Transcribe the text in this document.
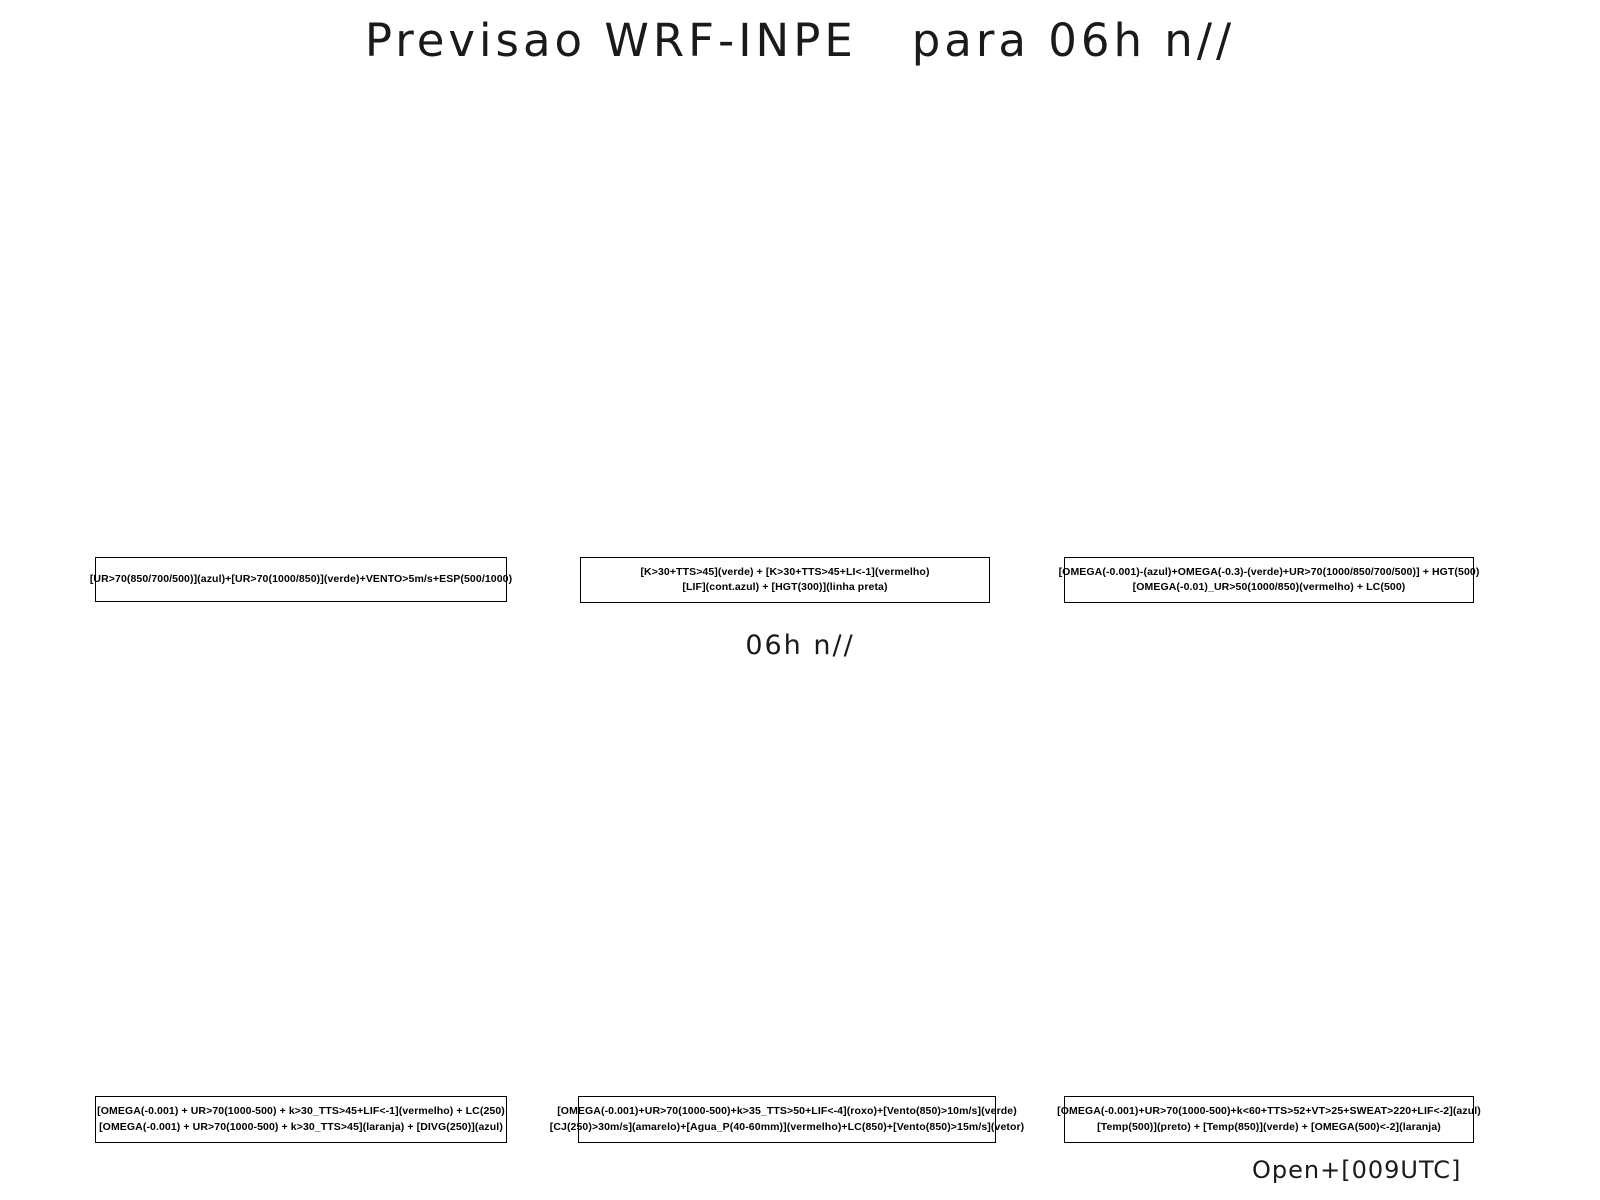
Previsao WRF-INPE   para 06h n//
[UR>70(850/700/500)](azul)+[UR>70(1000/850)](verde)+VENTO>5m/s+ESP(500/1000)
[K>30+TTS>45](verde) + [K>30+TTS>45+LI<-1](vermelho)
[LIF](cont.azul) + [HGT(300)](linha preta)
[OMEGA(-0.001)-(azul)+OMEGA(-0.3)-(verde)+UR>70(1000/850/700/500)] + HGT(500)
[OMEGA(-0.01)_UR>50(1000/850)(vermelho) + LC(500)
06h n//
[OMEGA(-0.001) + UR>70(1000-500) + k>30_TTS>45+LIF<-1](vermelho) + LC(250)
[OMEGA(-0.001) + UR>70(1000-500) + k>30_TTS>45](laranja) + [DIVG(250)](azul)
[OMEGA(-0.001)+UR>70(1000-500)+k>35_TTS>50+LIF<-4](roxo)+[Vento(850)>10m/s](verde)
[CJ(250)>30m/s](amarelo)+[Agua_P(40-60mm)](vermelho)+LC(850)+[Vento(850)>15m/s](vetor)
[OMEGA(-0.001)+UR>70(1000-500)+k<60+TTS>52+VT>25+SWEAT>220+LIF<-2](azul)
[Temp(500)](preto) + [Temp(850)](verde) + [OMEGA(500)<-2](laranja)
Open+[009UTC]
